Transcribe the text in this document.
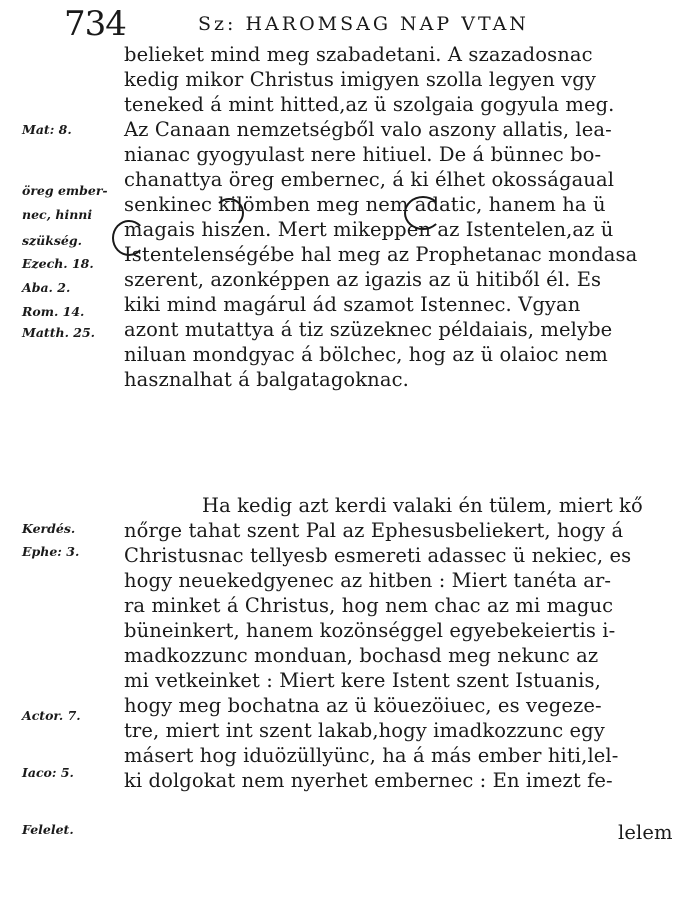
734	Sz: HAROMSAG NAP VTAN
Mat: 8.
öreg ember-
nec, hinni
szükség.
Ezech. 18.
Aba. 2.
Rom. 14.
Matth. 25.
Kerdés.
Ephe: 3.
Actor. 7.
Iaco: 5.
Felelet.
belieket mind meg szabadetani. A szazadosnac
kedig mikor Christus imigyen szolla legyen vgy
teneked á mint hitted,az ü szolgaia gogyula meg.
Az Canaan nemzetségből valo aszony allatis, lea-
nianac gyogyulast nere hitiuel. De á bünnec bo-
chanattya öreg embernec, á ki élhet okosságaual
senkinec kilömben meg nem adatic, hanem ha ü
magais hiszen. Mert mikeppen az Istentelen,az ü
Istentelenségébe hal meg az Prophetanac mondasa
szerent, azonképpen az igazis az ü hitiből él. Es
kiki mind magárul ád szamot Istennec. Vgyan
azont mutattya á tiz szüzeknec példaiais, melybe
niluan mondgyac á bölchec, hog az ü olaioc nem
hasznalhat á balgatagoknac.
Ha kedig azt kerdi valaki én tülem, miert kő
nőrge tahat szent Pal az Ephesusbeliekert, hogy á
Christusnac tellyesb esmereti adassec ü nekiec, es
hogy neuekedgyenec az hitben : Miert tanéta ar-
ra minket á Christus, hog nem chac az mi maguc
büneinkert, hanem kozönséggel egyebekeiertis i-
madkozzunc monduan, bochasd meg nekunc az
mi vetkeinket : Miert kere Istent szent Istuanis,
hogy meg bochatna az ü köuezöiuec, es vegeze-
tre, miert int szent lakab,hogy imadkozzunc egy
másert hog iduözüllyünc, ha á más ember hiti,lel-
ki dolgokat nem nyerhet embernec : En imezt fe-
lelem
